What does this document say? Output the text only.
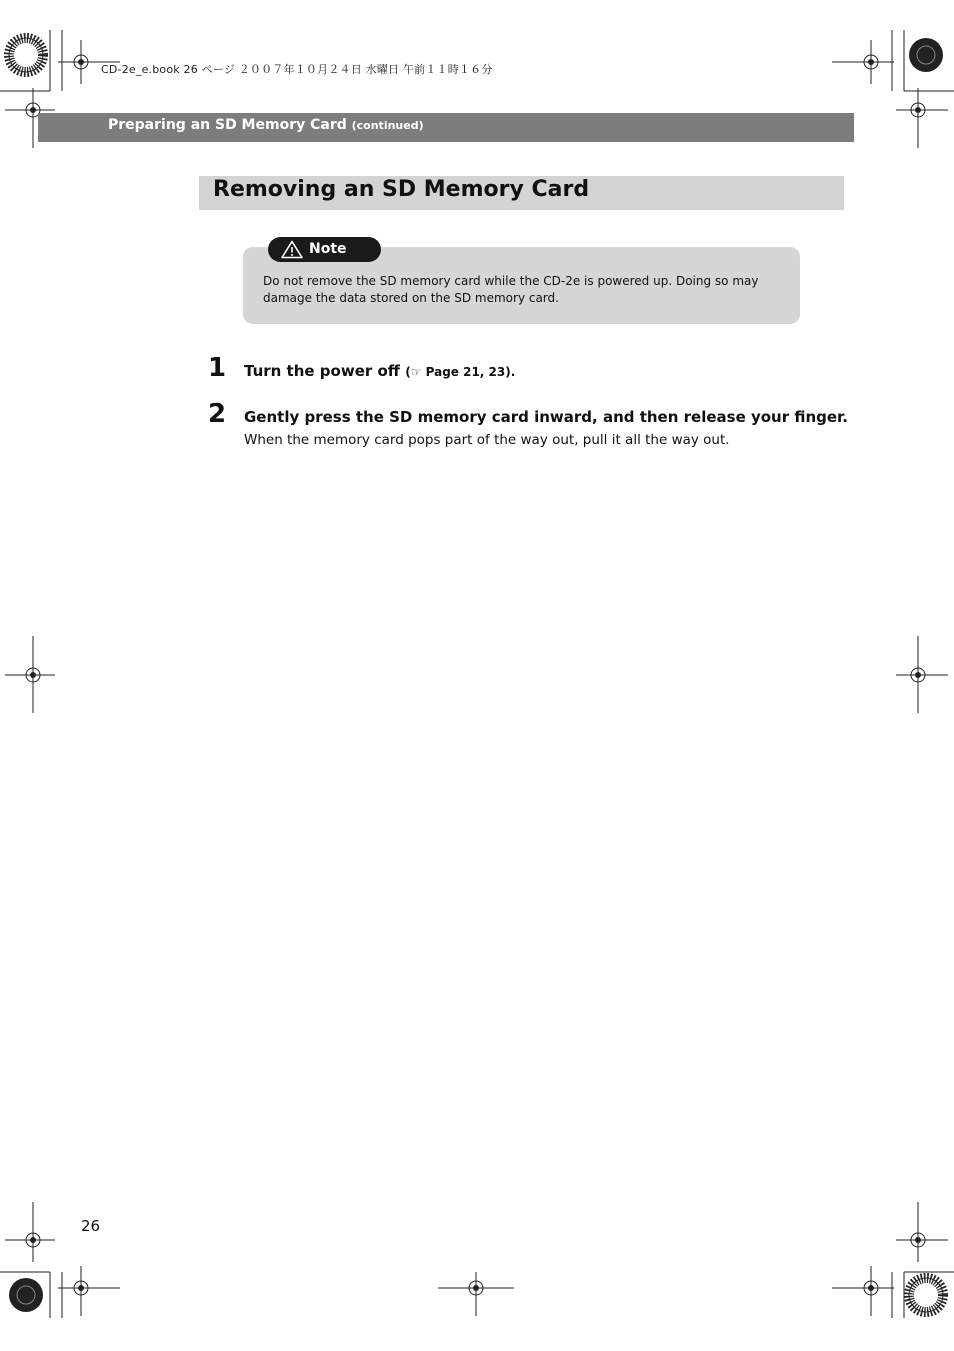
CD-2e_e.book 26 ページ ２００７年１０月２４日 水曜日 午前１１時１６分
Preparing an SD Memory Card (continued)
Removing an SD Memory Card
Note
Do not remove the SD memory card while the CD-2e is powered up. Doing so may damage the data stored on the SD memory card.
1 Turn the power off (☞ Page 21, 23).
2 Gently press the SD memory card inward, and then release your finger.
When the memory card pops part of the way out, pull it all the way out.
26
